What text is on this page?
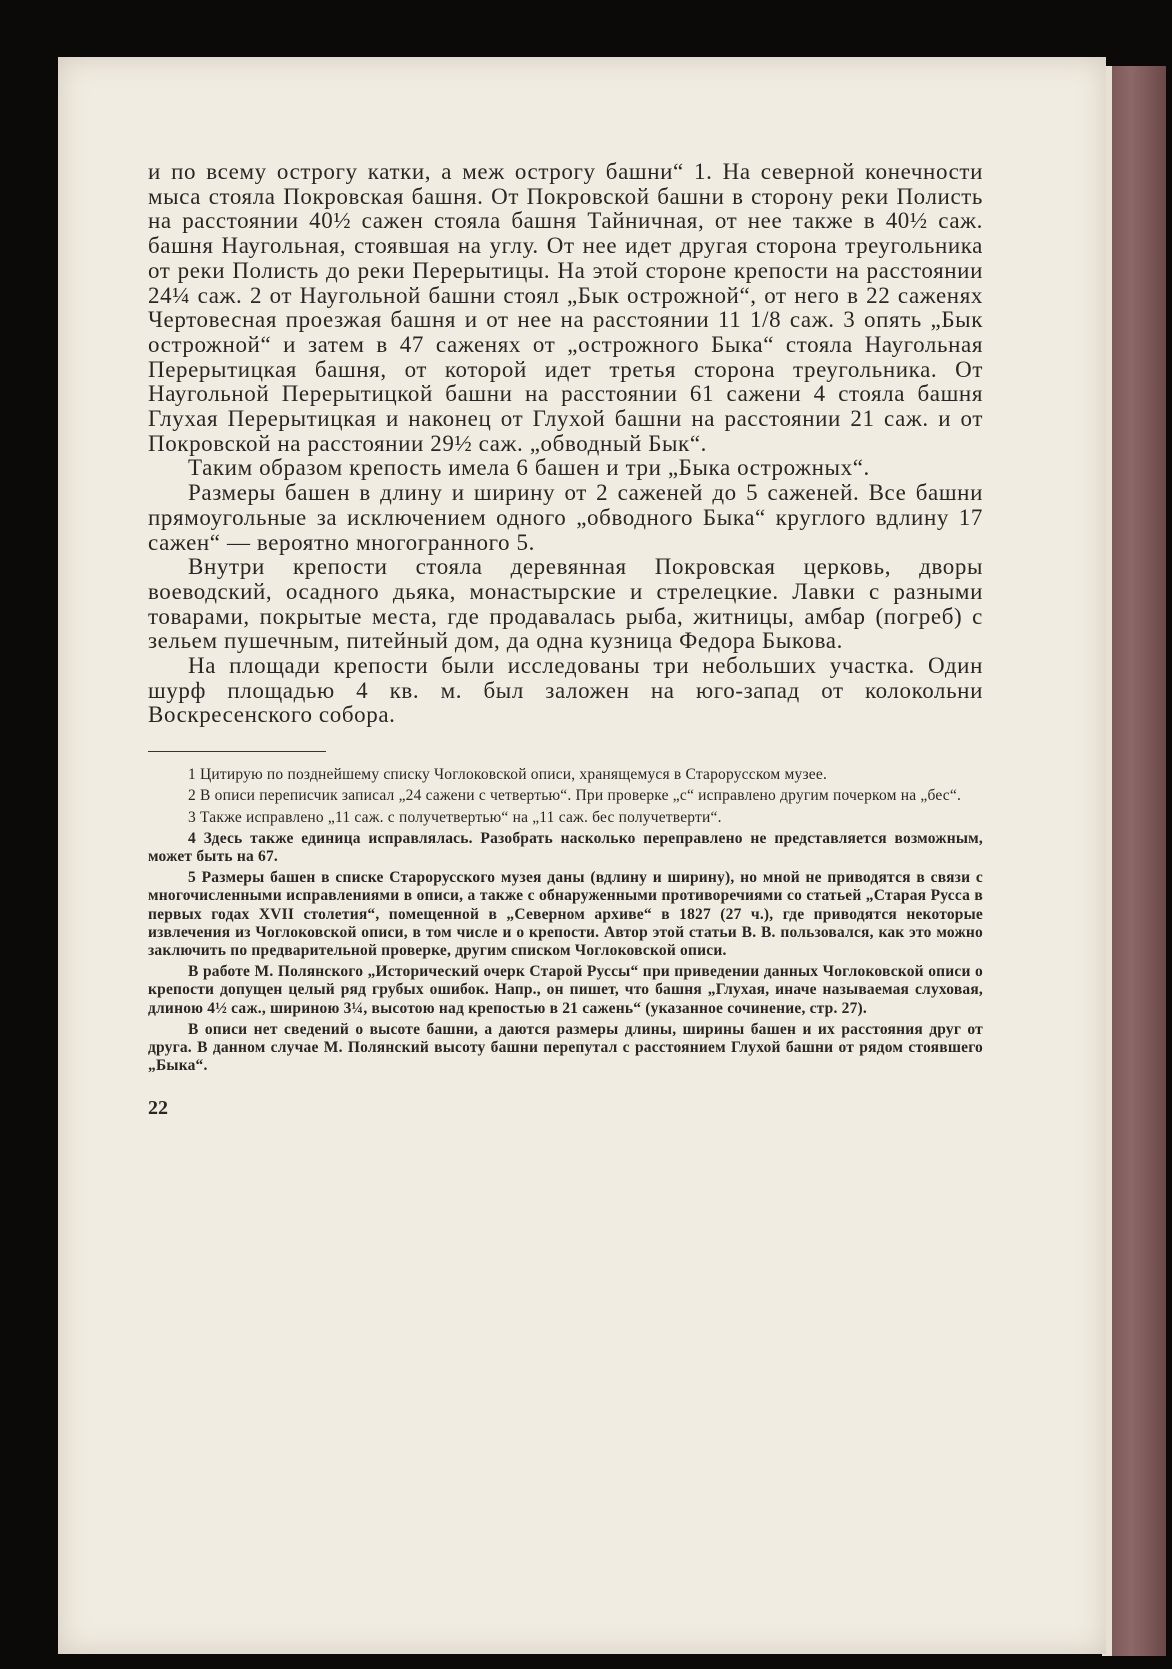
и по всему острогу катки, а меж острогу башни“ 1. На северной конечности мыса стояла Покровская башня. От Покровской башни в сторону реки Полисть на расстоянии 40½ сажен стояла башня Тайничная, от нее также в 40½ саж. башня Наугольная, стоявшая на углу. От нее идет другая сторона треугольника от реки Полисть до реки Перерытицы. На этой стороне крепости на расстоянии 24¼ саж. 2 от Наугольной башни стоял „Бык острожной“, от него в 22 саженях Чертовесная проезжая башня и от нее на расстоянии 11 1/8 саж. 3 опять „Бык острожной“ и затем в 47 саженях от „острожного Быка“ стояла Наугольная Перерытицкая башня, от которой идет третья сторона треугольника. От Наугольной Перерытицкой башни на расстоянии 61 сажени 4 стояла башня Глухая Перерытицкая и наконец от Глухой башни на расстоянии 21 саж. и от Покровской на расстоянии 29½ саж. „обводный Бык“.

Таким образом крепость имела 6 башен и три „Быка острожных“.

Размеры башен в длину и ширину от 2 саженей до 5 саженей. Все башни прямоугольные за исключением одного „обводного Быка“ круглого вдлину 17 сажен“ — вероятно многогранного 5.

Внутри крепости стояла деревянная Покровская церковь, дворы воеводский, осадного дьяка, монастырские и стрелецкие. Лавки с разными товарами, покрытые места, где продавалась рыба, житницы, амбар (погреб) с зельем пушечным, питейный дом, да одна кузница Федора Быкова.

На площади крепости были исследованы три небольших участка. Один шурф площадью 4 кв. м. был заложен на юго-запад от колокольни Воскресенского собора.

1 Цитирую по позднейшему списку Чоглоковской описи, хранящемуся в Старорусском музее.

2 В описи переписчик записал „24 сажени с четвертью“. При проверке „с“ исправлено другим почерком на „бес“.

3 Также исправлено „11 саж. с получетвертью“ на „11 саж. бес получетверти“.

4 Здесь также единица исправлялась. Разобрать насколько переправлено не представляется возможным, может быть на 67.

5 Размеры башен в списке Старорусского музея даны (вдлину и ширину), но мной не приводятся в связи с многочисленными исправлениями в описи, а также с обнаруженными противоречиями со статьей „Старая Русса в первых годах XVII столетия“, помещенной в „Северном архиве“ в 1827 (27 ч.), где приводятся некоторые извлечения из Чоглоковской описи, в том числе и о крепости. Автор этой статьи В. В. пользовался, как это можно заключить по предварительной проверке, другим списком Чоглоковской описи.

В работе М. Полянского „Исторический очерк Старой Руссы“ при приведении данных Чоглоковской описи о крепости допущен целый ряд грубых ошибок. Напр., он пишет, что башня „Глухая, иначе называемая слуховая, длиною 4½ саж., шириною 3¼, высотою над крепостью в 21 сажень“ (указанное сочинение, стр. 27).

В описи нет сведений о высоте башни, а даются размеры длины, ширины башен и их расстояния друг от друга. В данном случае М. Полянский высоту башни перепутал с расстоянием Глухой башни от рядом стоявшего „Быка“.

22
